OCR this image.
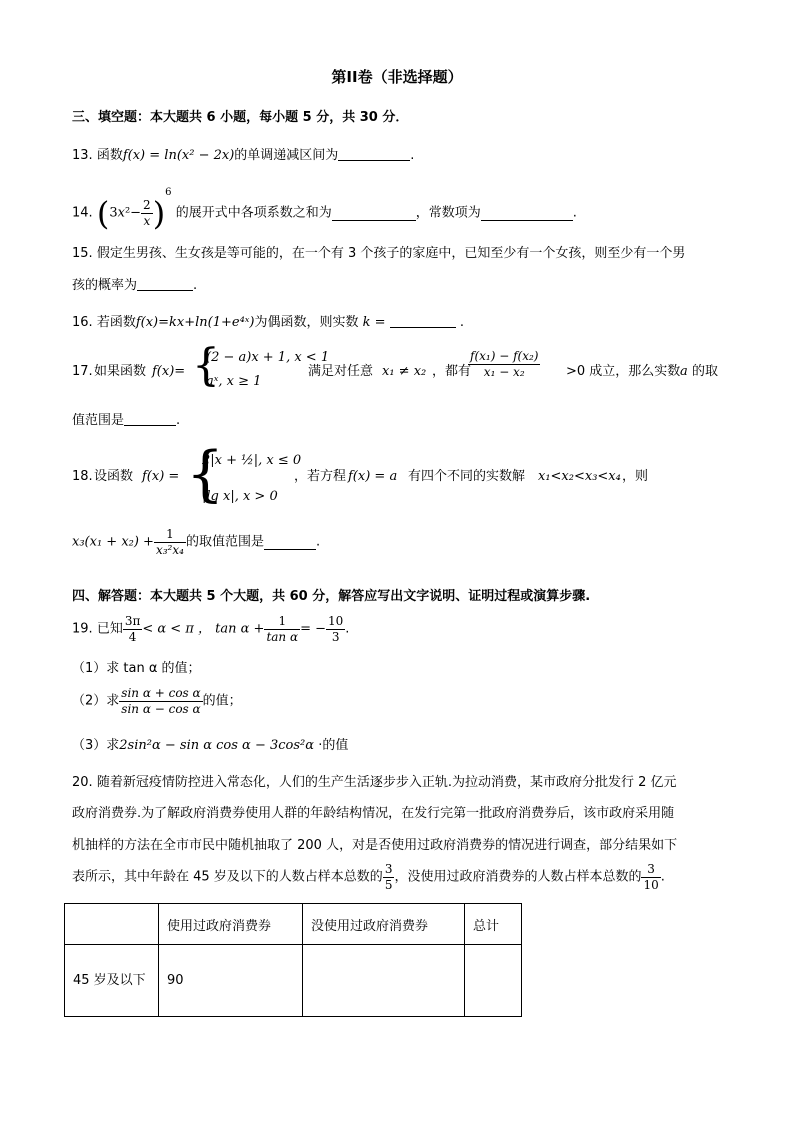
第II卷（非选择题）
三、填空题：本大题共 6 小题，每小题 5 分，共 30 分．
13. 函数f(x) = ln(x² − 2x)的单调递减区间为	.
14. $(3x^2- \frac{2}{x} )^6$ 的展开式中各项系数之和为	，常数项为	.
15. 假定生男孩、生女孩是等可能的，在一个有 3 个孩子的家庭中，已知至少有一个女孩，则至少有一个男
孩的概率为	.
16. 若函数f(x)=kx+ln(1+e⁴ˣ)为偶函数，则实数 k =	.
17. 如果函数 f(x)= {
(2 − a)x + 1, x < 1
aˣ, x ≥ 1
满足对任意 x₁ ≠ x₂ ，都有
$\frac{\text{f(x₁) − f(x₂)}}{\text{x₁ − x₂}} >0$ 成立，那么实数 a 的取
值范围是	.
18. 设函数 f(x) = {
2|x + ½|, x ≤ 0
|lg x|, x > 0
，若方程 f(x) = a 有四个不同的实数解 x₁<x₂<x₃<x₄ ，则
$x_3(x_1 + x_2) + \frac{1}{\text{x₃²x₄}}$ 的取值范围是	.
四、解答题：本大题共 5 个大题，共 60 分，解答应写出文字说明、证明过程或演算步骤.
19. 已知 $\frac{3\pi}{4} < \alpha < \pi$ ， $\tan \alpha + \frac{1}{\text{tan α}}$ = − $\frac{10}{3}$ .
（1）求 tan α 的值；
（2）求 $\frac{\text{sin α + cos α}}{\text{sin α − cos α}}$ 的值；
（3）求2sin²α − sin α cos α − 3cos²α ·的值
20. 随着新冠疫情防控进入常态化，人们的生产生活逐步步入正轨.为拉动消费，某市政府分批发行 2 亿元
政府消费券.为了解政府消费券使用人群的年龄结构情况，在发行完第一批政府消费券后，该市政府采用随
机抽样的方法在全市市民中随机抽取了 200 人，对是否使用过政府消费券的情况进行调查，部分结果如下
表所示，其中年龄在 45 岁及以下的人数占样本总数的 $\frac{3}{5}$ ，没使用过政府消费券的人数占样本总数的 $\frac{3}{10}$ .
	使用过政府消费券	没使用过政府消费券	总计
45 岁及以下	90		
